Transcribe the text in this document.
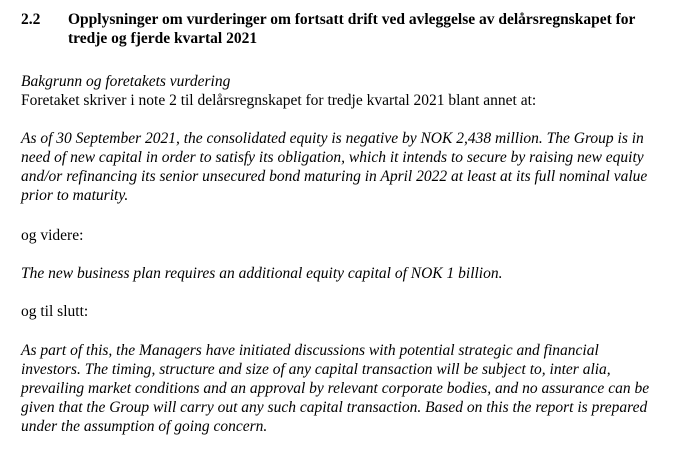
2.2 Opplysninger om vurderinger om fortsatt drift ved avleggelse av delårsregnskapet for tredje og fjerde kvartal 2021
Bakgrunn og foretakets vurdering
Foretaket skriver i note 2 til delårsregnskapet for tredje kvartal 2021 blant annet at:

As of 30 September 2021, the consolidated equity is negative by NOK 2,438 million. The Group is in need of new capital in order to satisfy its obligation, which it intends to secure by raising new equity and/or refinancing its senior unsecured bond maturing in April 2022 at least at its full nominal value prior to maturity.

og videre:

The new business plan requires an additional equity capital of NOK 1 billion.

og til slutt:

As part of this, the Managers have initiated discussions with potential strategic and financial investors. The timing, structure and size of any capital transaction will be subject to, inter alia, prevailing market conditions and an approval by relevant corporate bodies, and no assurance can be given that the Group will carry out any such capital transaction. Based on this the report is prepared under the assumption of going concern.
